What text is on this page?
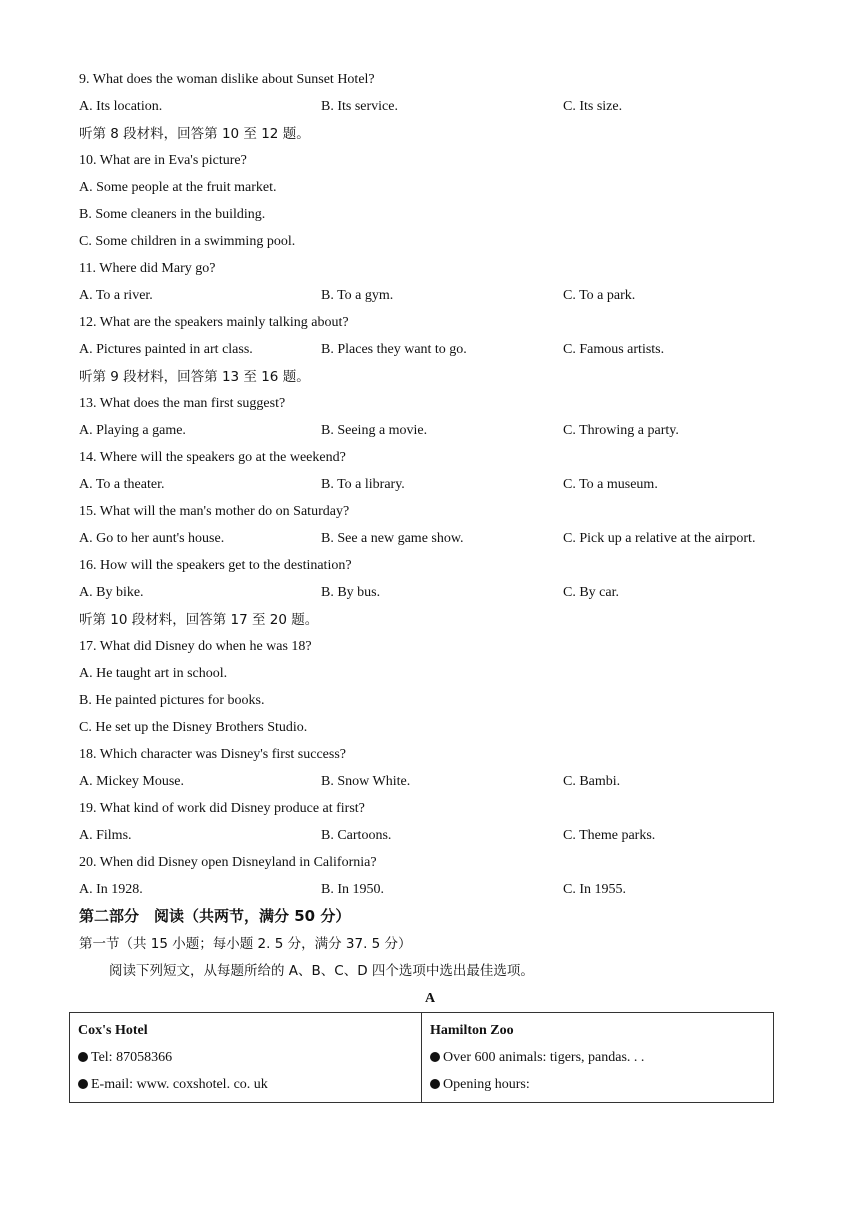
9. What does the woman dislike about Sunset Hotel?
A. Its location.	B. Its service.	C. Its size.
听第 8 段材料，回答第 10 至 12 题。
10. What are in Eva's picture?
A. Some people at the fruit market.
B. Some cleaners in the building.
C. Some children in a swimming pool.
11. Where did Mary go?
A. To a river.	B. To a gym.	C. To a park.
12. What are the speakers mainly talking about?
A. Pictures painted in art class.	B. Places they want to go.	C. Famous artists.
听第 9 段材料，回答第 13 至 16 题。
13. What does the man first suggest?
A. Playing a game.	B. Seeing a movie.	C. Throwing a party.
14. Where will the speakers go at the weekend?
A. To a theater.	B. To a library.	C. To a museum.
15. What will the man's mother do on Saturday?
A. Go to her aunt's house.	B. See a new game show.	C. Pick up a relative at the airport.
16. How will the speakers get to the destination?
A. By bike.	B. By bus.	C. By car.
听第 10 段材料，回答第 17 至 20 题。
17. What did Disney do when he was 18?
A. He taught art in school.
B. He painted pictures for books.
C. He set up the Disney Brothers Studio.
18. Which character was Disney's first success?
A. Mickey Mouse.	B. Snow White.	C. Bambi.
19. What kind of work did Disney produce at first?
A. Films.	B. Cartoons.	C. Theme parks.
20. When did Disney open Disneyland in California?
A. In 1928.	B. In 1950.	C. In 1955.
第二部分　阅读（共两节，满分 50 分）
第一节（共 15 小题；每小题 2. 5 分，满分 37. 5 分）
阅读下列短文，从每题所给的 A、B、C、D 四个选项中选出最佳选项。
A
Cox's Hotel
Tel: 87058366
E-mail: www. coxshotel. co. uk

Hamilton Zoo
Over 600 animals: tigers, pandas. . .
Opening hours:
